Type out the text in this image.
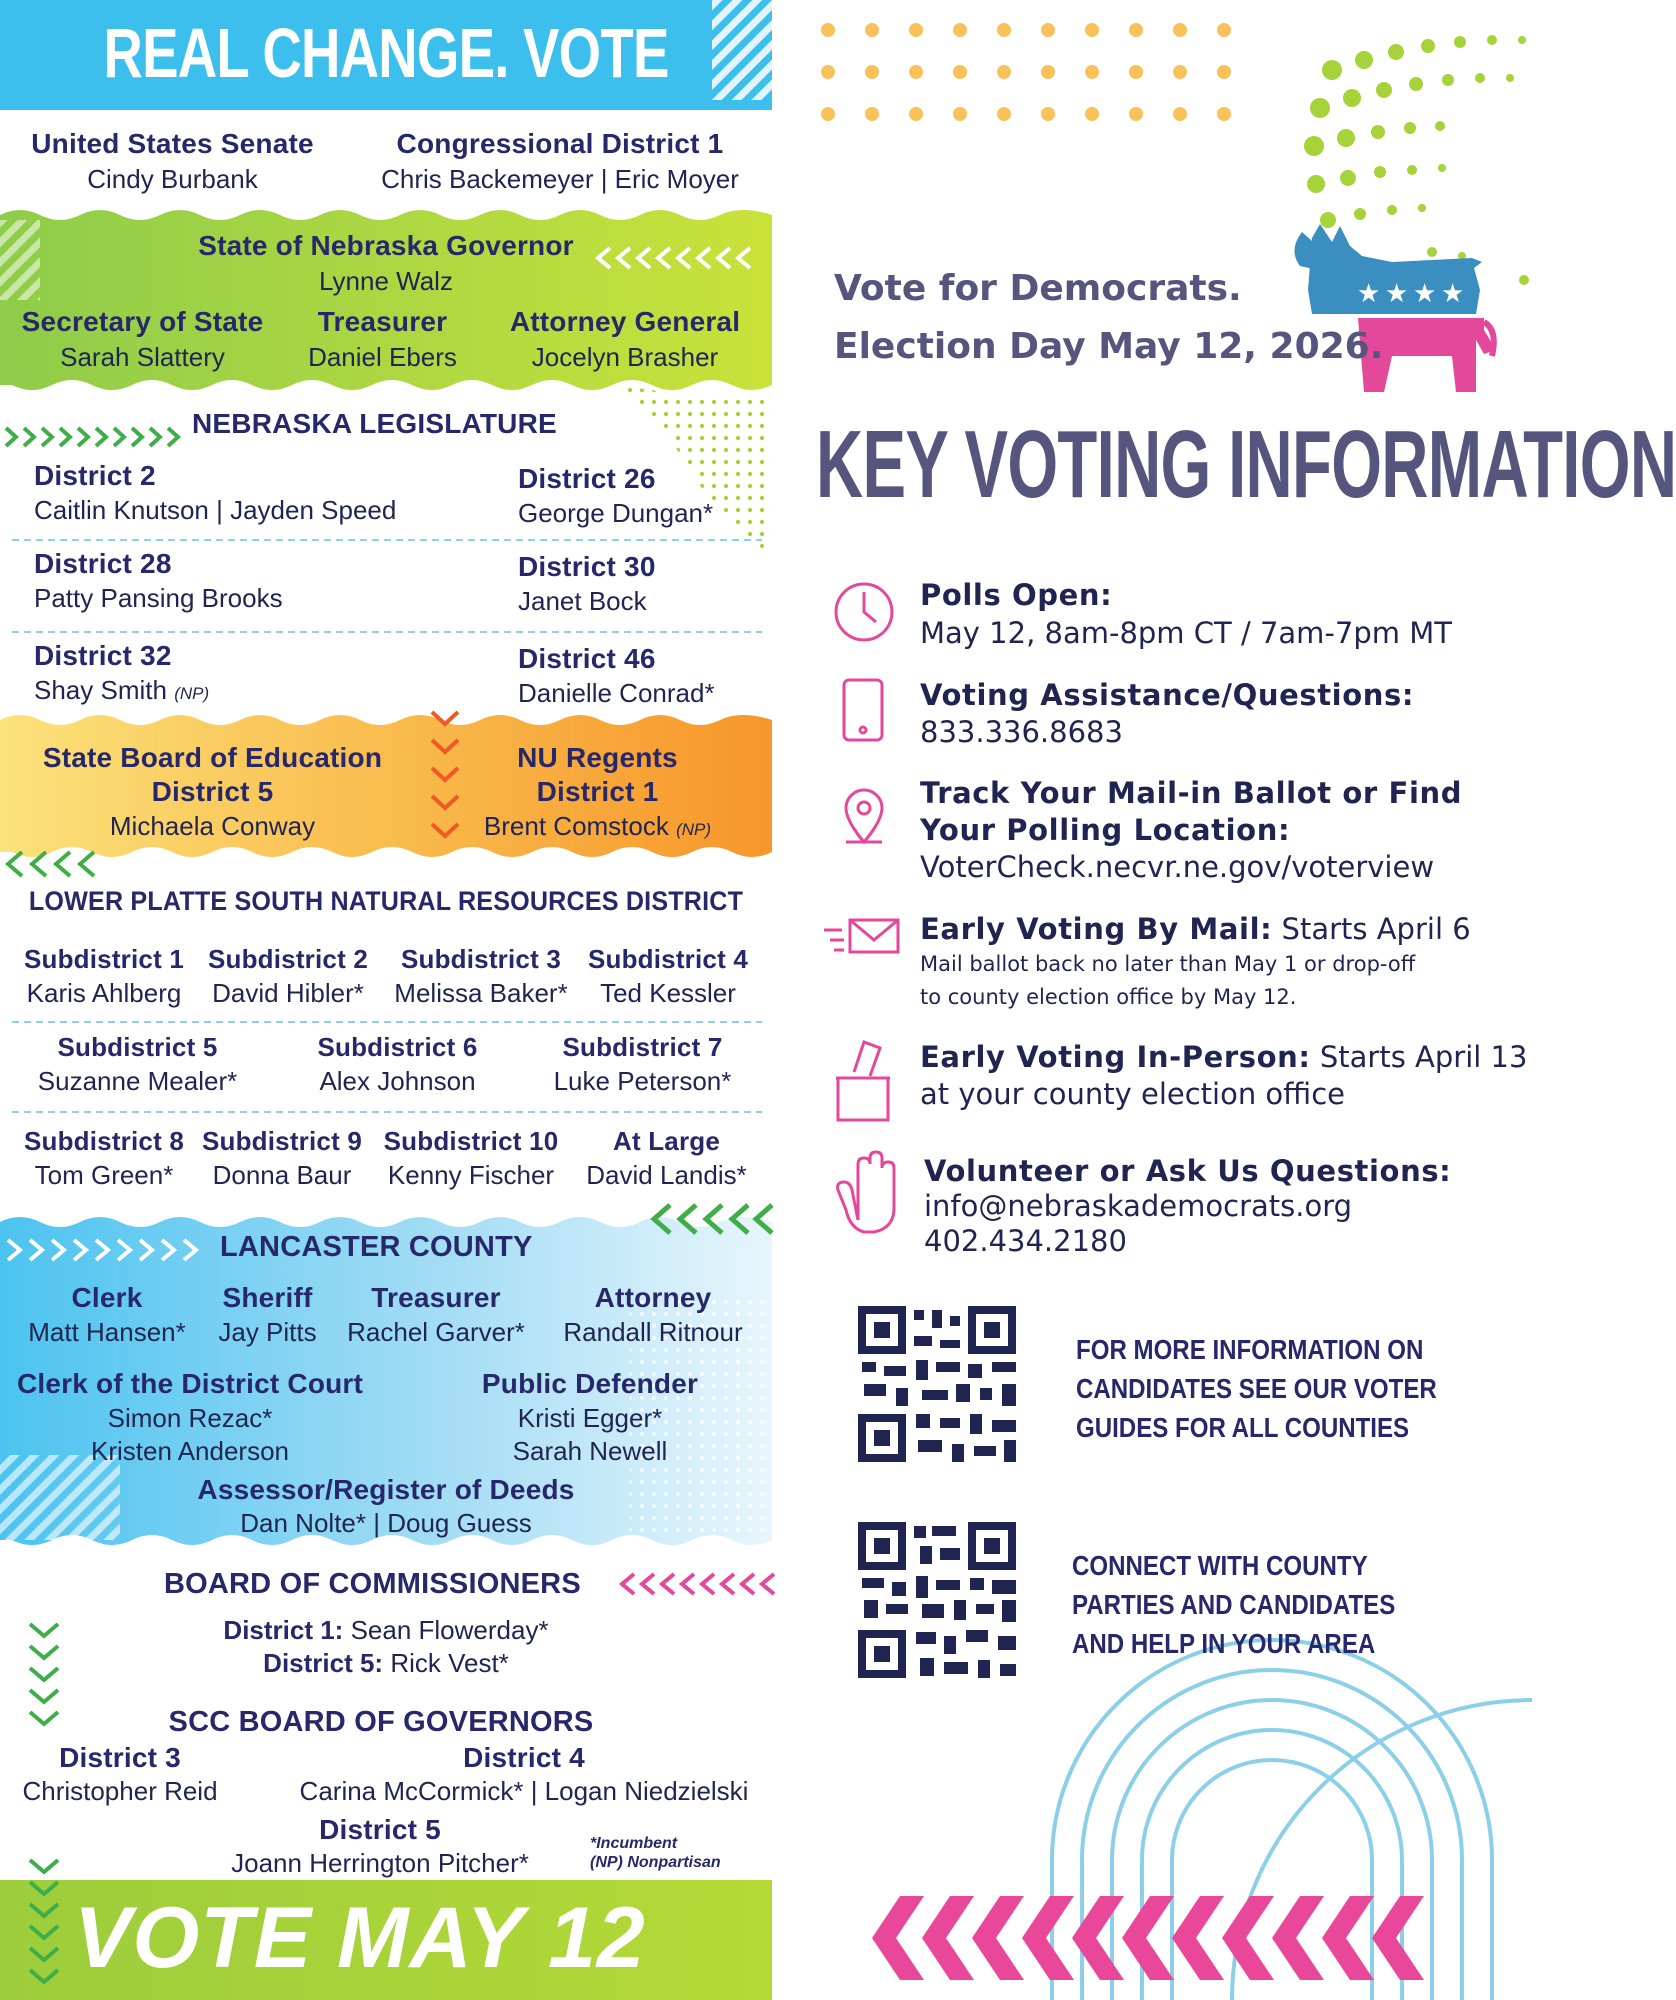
REAL CHANGE. VOTE LOCAL.
United States Senate
Cindy Burbank
Congressional District 1
Chris Backemeyer | Eric Moyer
State of Nebraska Governor
Lynne Walz
Secretary of State
Sarah Slattery
Treasurer
Daniel Ebers
Attorney General
Jocelyn Brasher
NEBRASKA LEGISLATURE
District 2
Caitlin Knutson | Jayden Speed
District 26
George Dungan*
District 28
Patty Pansing Brooks
District 30
Janet Bock
District 32
Shay Smith (NP)
District 46
Danielle Conrad*
State Board of Education
District 5
Michaela Conway
NU Regents
District 1
Brent Comstock (NP)
LOWER PLATTE SOUTH NATURAL RESOURCES DISTRICT
Subdistrict 1
Karis Ahlberg
Subdistrict 2
David Hibler*
Subdistrict 3
Melissa Baker*
Subdistrict 4
Ted Kessler
Subdistrict 5
Suzanne Mealer*
Subdistrict 6
Alex Johnson
Subdistrict 7
Luke Peterson*
Subdistrict 8
Tom Green*
Subdistrict 9
Donna Baur
Subdistrict 10
Kenny Fischer
At Large
David Landis*
LANCASTER COUNTY
Clerk
Matt Hansen*
Sheriff
Jay Pitts
Treasurer
Rachel Garver*
Attorney
Randall Ritnour
Clerk of the District Court
Simon Rezac*
Kristen Anderson
Public Defender
Kristi Egger*
Sarah Newell
Assessor/Register of Deeds
Dan Nolte* | Doug Guess
BOARD OF COMMISSIONERS
District 1: Sean Flowerday*
District 5: Rick Vest*
SCC BOARD OF GOVERNORS
District 3
Christopher Reid
District 4
Carina McCormick* | Logan Niedzielski
District 5
Joann Herrington Pitcher*
*Incumbent
(NP) Nonpartisan
VOTE MAY 12
★ ★ ★ ★
Vote for Democrats.
Election Day May 12, 2026.
KEY VOTING INFORMATION
Polls Open:
May 12, 8am-8pm CT / 7am-7pm MT
Voting Assistance/Questions:
833.336.8683
Track Your Mail-in Ballot or Find
Your Polling Location:
VoterCheck.necvr.ne.gov/voterview
Early Voting By Mail: Starts April 6
Mail ballot back no later than May 1 or drop-off
to county election office by May 12.
Early Voting In-Person: Starts April 13
at your county election office
Volunteer or Ask Us Questions:
info@nebraskademocrats.org
402.434.2180
FOR MORE INFORMATION ON
CANDIDATES SEE OUR VOTER
GUIDES FOR ALL COUNTIES
CONNECT WITH COUNTY
PARTIES AND CANDIDATES
AND HELP IN YOUR AREA
